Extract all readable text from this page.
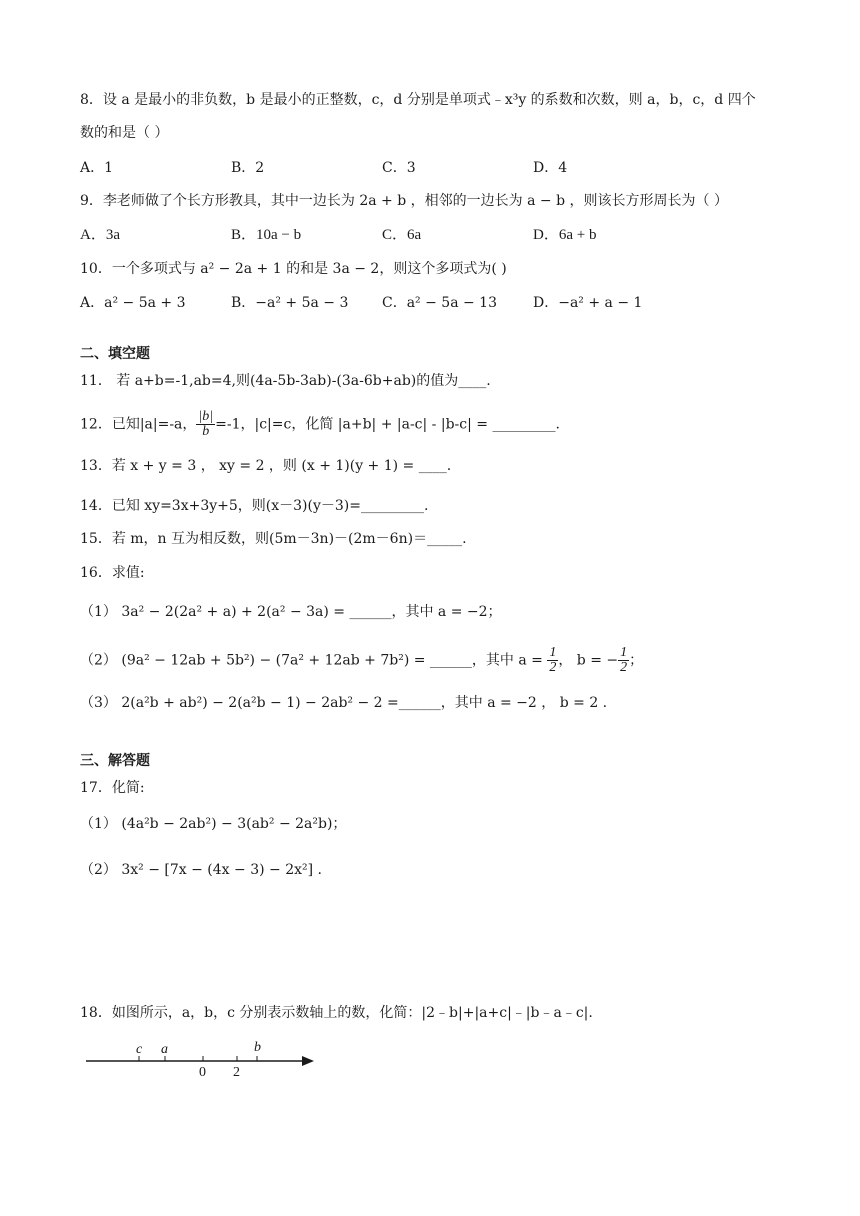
8．设 a 是最小的非负数，b 是最小的正整数，c，d 分别是单项式﹣x³y 的系数和次数，则 a，b，c，d 四个
数的和是（ ）
A．1	B．2	C．3	D．4
9．李老师做了个长方形教具，其中一边长为 2a + b ，相邻的一边长为 a − b ，则该长方形周长为（ ）
A．3a	B．10a − b	C．6a	D．6a + b
10．一个多项式与 a² − 2a + 1 的和是 3a − 2，则这个多项式为( )
A．a² − 5a + 3	B．−a² + 5a − 3 C．a² − 5a − 13	D．−a² + a − 1
二、填空题
11． 若 a+b=-1,ab=4,则(4a-5b-3ab)-(3a-6b+ab)的值为____.
12．已知|a|=-a， $\frac{|b|}{b} =-1$，|c|=c，化简 |a+b| + |a-c| - |b-c| = _________.
13．若 x + y = 3 ， xy = 2 ，则 (x + 1)(y + 1) = ____.
14．已知 xy=3x+3y+5，则(x－3)(y－3)=_________.
15．若 m，n 互为相反数，则(5m－3n)－(2m－6n)＝_____.
16．求值:
（1） 3a² − 2(2a² + a) + 2(a² − 3a) = ______，其中 a = −2；
（2） (9a² − 12ab + 5b²) − (7a² + 12ab + 7b²) = ______，其中 $a = \frac{1}{2}$ ， b = − $\frac{1}{2}$ ；
（3） 2(a²b + ab²) − 2(a²b − 1) − 2ab² − 2 =______，其中 a = −2 ， b = 2 .
三、解答题
17．化简:
（1） (4a²b − 2ab²) − 3(ab² − 2a²b)；
（2） 3x² − [7x − (4x − 3) − 2x²] .
18．如图所示，a，b，c 分别表示数轴上的数，化简：|2﹣b|+|a+c|﹣|b﹣a﹣c|.
c a
0 2
b
